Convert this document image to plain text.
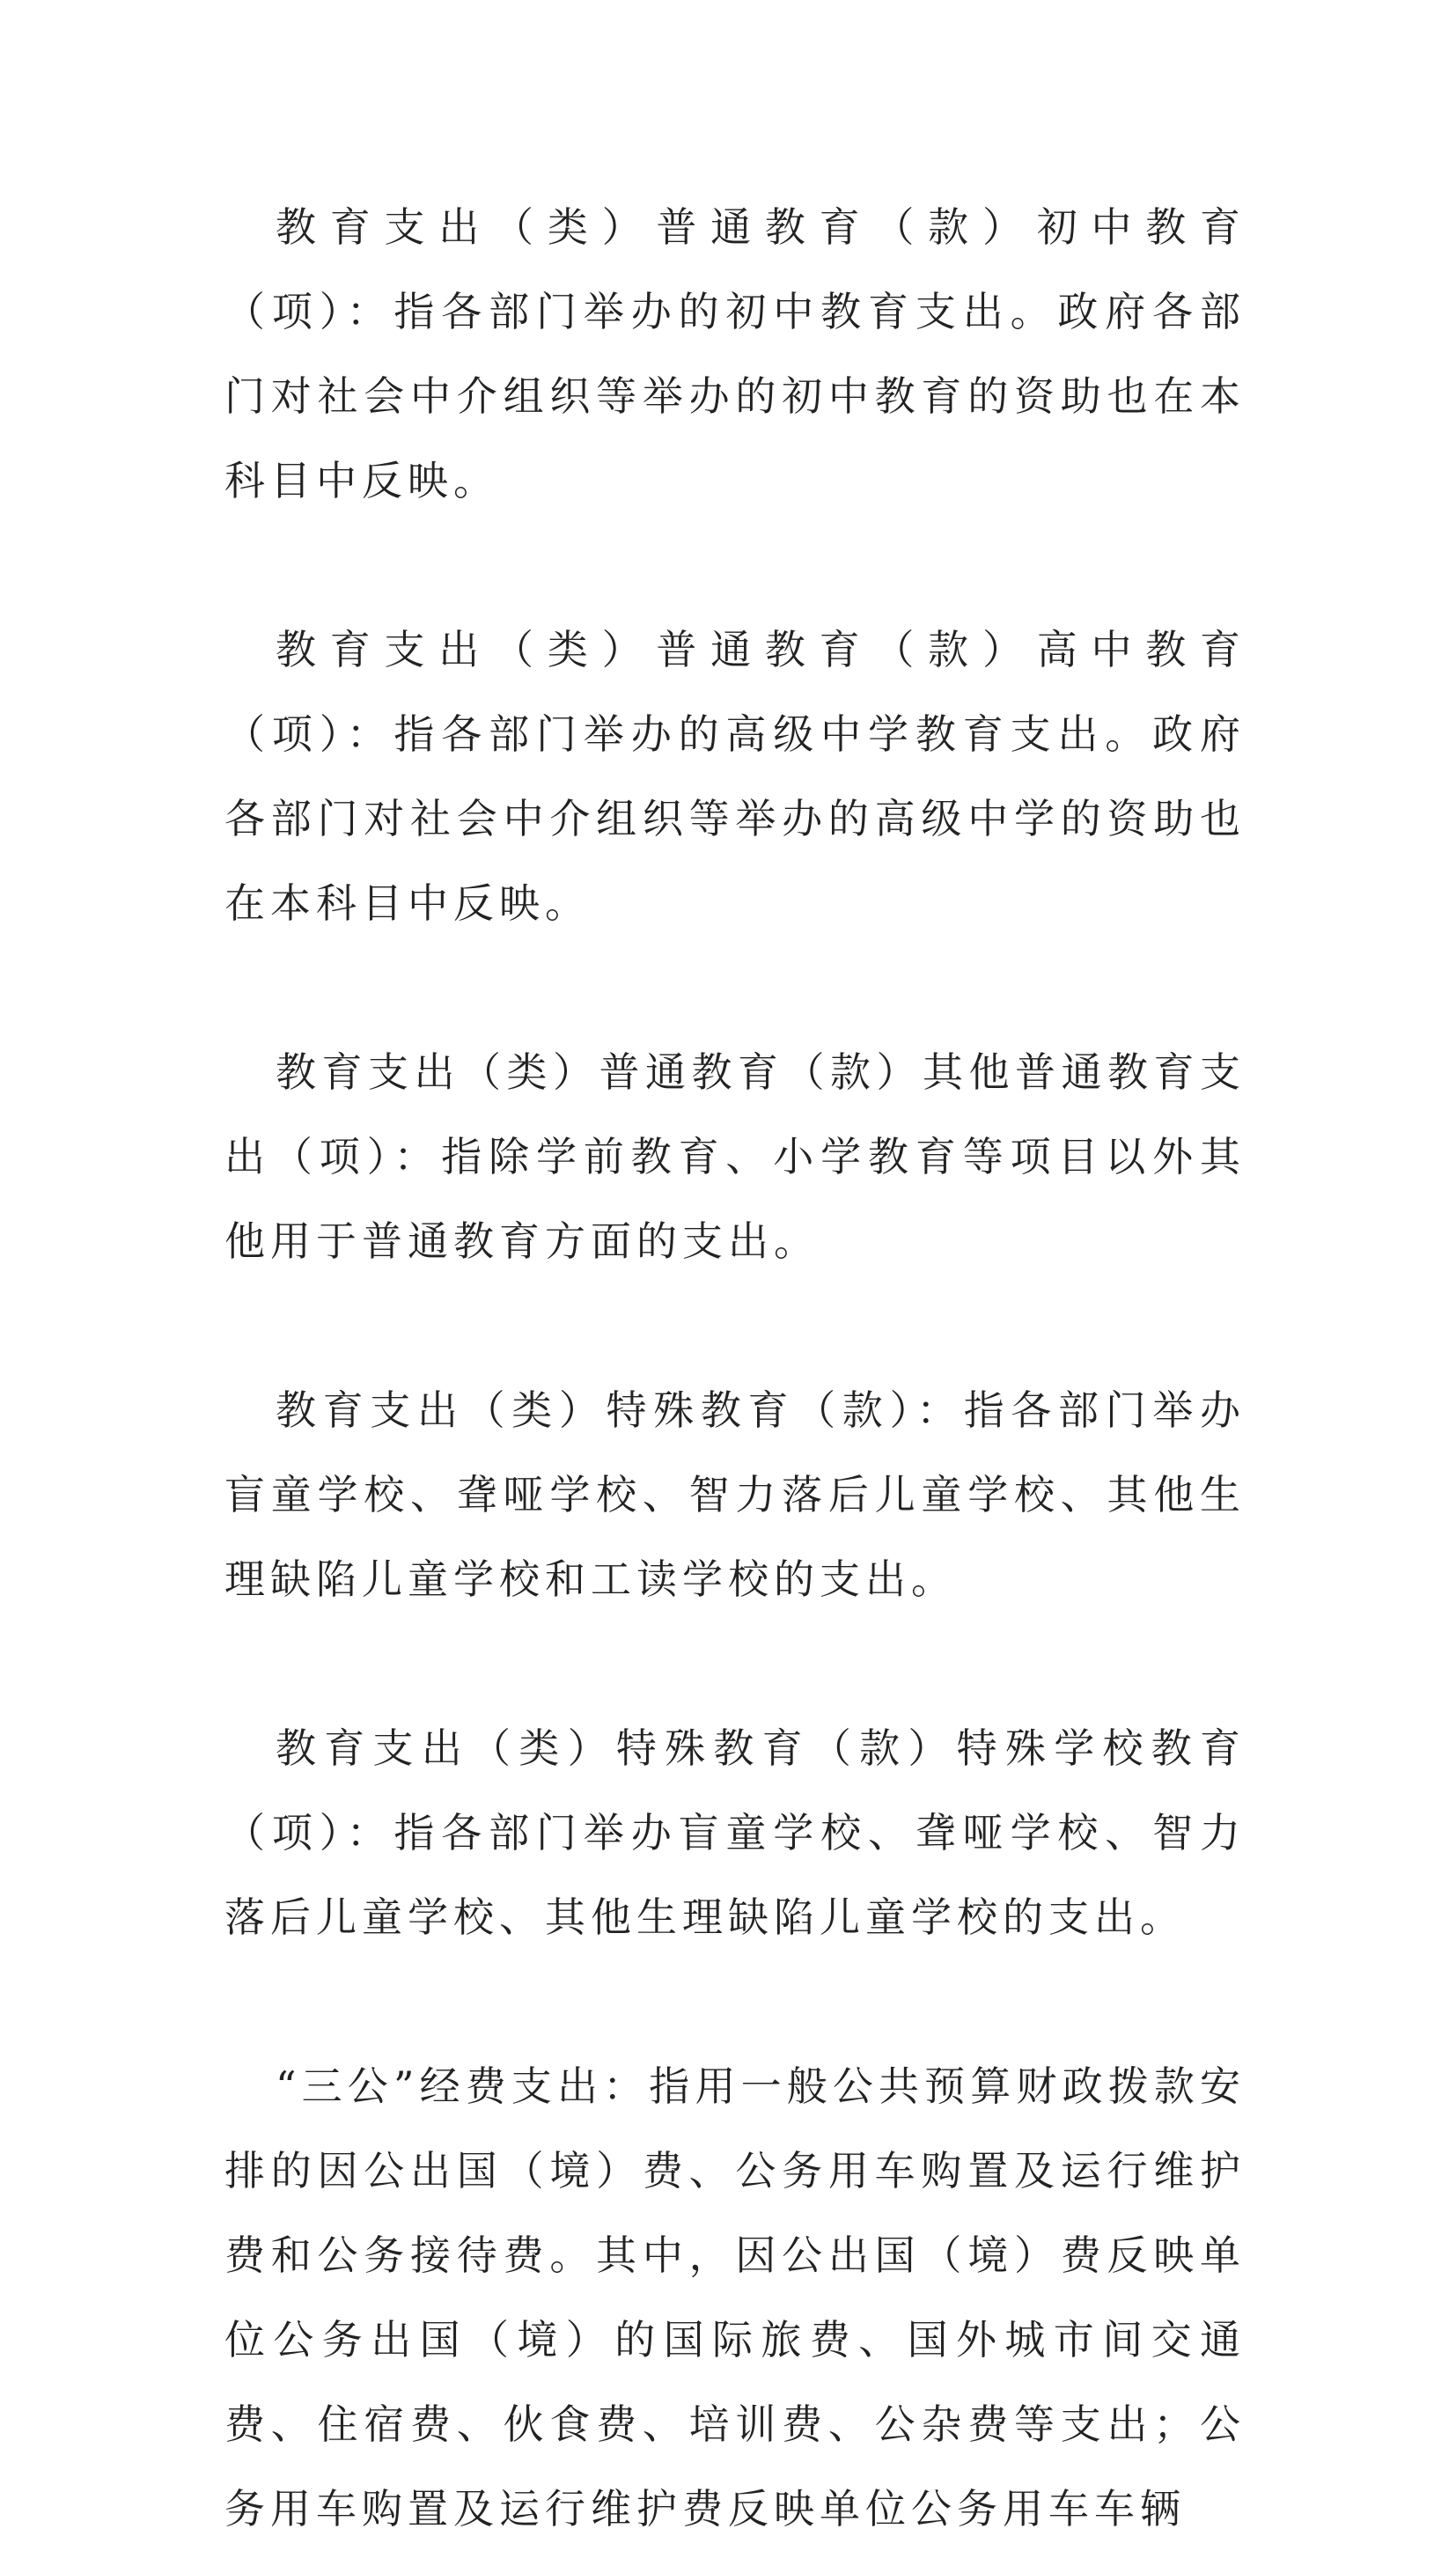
教育支出（类）普通教育（款）初中教育（项）：指各部门举办的初中教育支出。政府各部门对社会中介组织等举办的初中教育的资助也在本科目中反映。

教育支出（类）普通教育（款）高中教育（项）：指各部门举办的高级中学教育支出。政府各部门对社会中介组织等举办的高级中学的资助也在本科目中反映。

教育支出（类）普通教育（款）其他普通教育支出（项）：指除学前教育、小学教育等项目以外其他用于普通教育方面的支出。

教育支出（类）特殊教育（款）：指各部门举办盲童学校、聋哑学校、智力落后儿童学校、其他生理缺陷儿童学校和工读学校的支出。

教育支出（类）特殊教育（款）特殊学校教育（项）：指各部门举办盲童学校、聋哑学校、智力落后儿童学校、其他生理缺陷儿童学校的支出。

“三公”经费支出：指用一般公共预算财政拨款安排的因公出国（境）费、公务用车购置及运行维护费和公务接待费。其中，因公出国（境）费反映单位公务出国（境）的国际旅费、国外城市间交通费、住宿费、伙食费、培训费、公杂费等支出；公务用车购置及运行维护费反映单位公务用车车辆
